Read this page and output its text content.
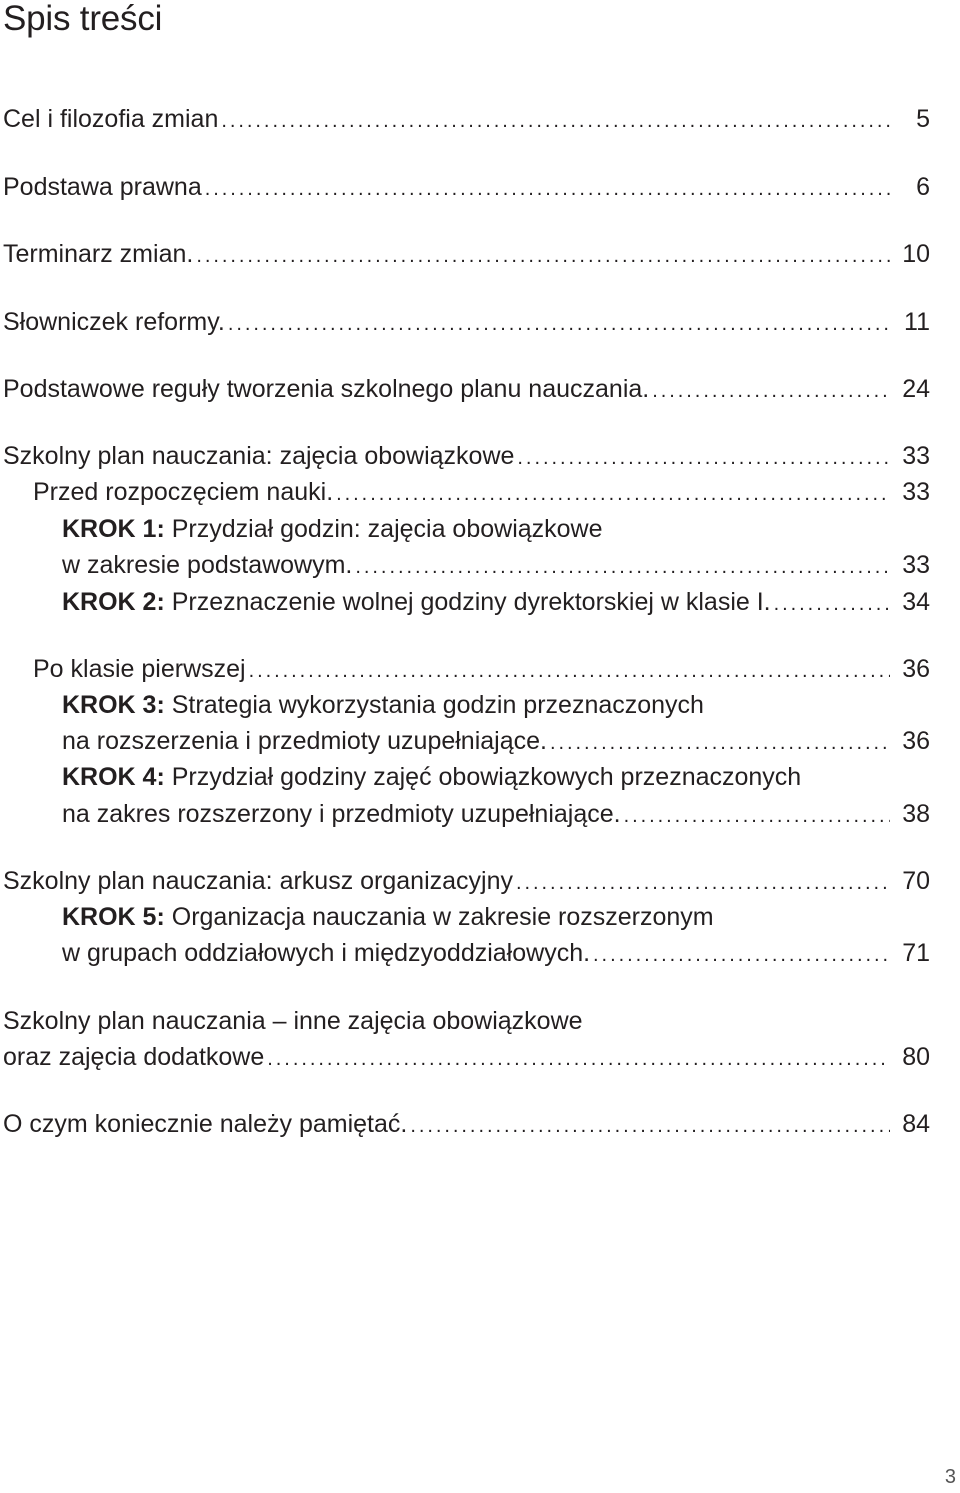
Spis treści
Cel i filozofia zmian . . .	5
Podstawa prawna . . .	6
Terminarz zmian. . . .	10
Słowniczek reformy. . . .	11
Podstawowe reguły tworzenia szkolnego planu nauczania. . . .	24
Szkolny plan nauczania: zajęcia obowiązkowe . . .	33
Przed rozpoczęciem nauki. . . .	33
KROK 1: Przydział godzin: zajęcia obowiązkowe
w zakresie podstawowym. . . .	33
KROK 2: Przeznaczenie wolnej godziny dyrektorskiej w klasie I. . . .	34
Po klasie pierwszej . . .	36
KROK 3: Strategia wykorzystania godzin przeznaczonych
na rozszerzenia i przedmioty uzupełniające. . . .	36
KROK 4: Przydział godziny zajęć obowiązkowych przeznaczonych
na zakres rozszerzony i przedmioty uzupełniające. . . .	38
Szkolny plan nauczania: arkusz organizacyjny . . .	70
KROK 5: Organizacja nauczania w zakresie rozszerzonym
w grupach oddziałowych i międzyoddziałowych. . . .	71
Szkolny plan nauczania – inne zajęcia obowiązkowe
oraz zajęcia dodatkowe . . .	80
O czym koniecznie należy pamiętać. . . .	84
3
